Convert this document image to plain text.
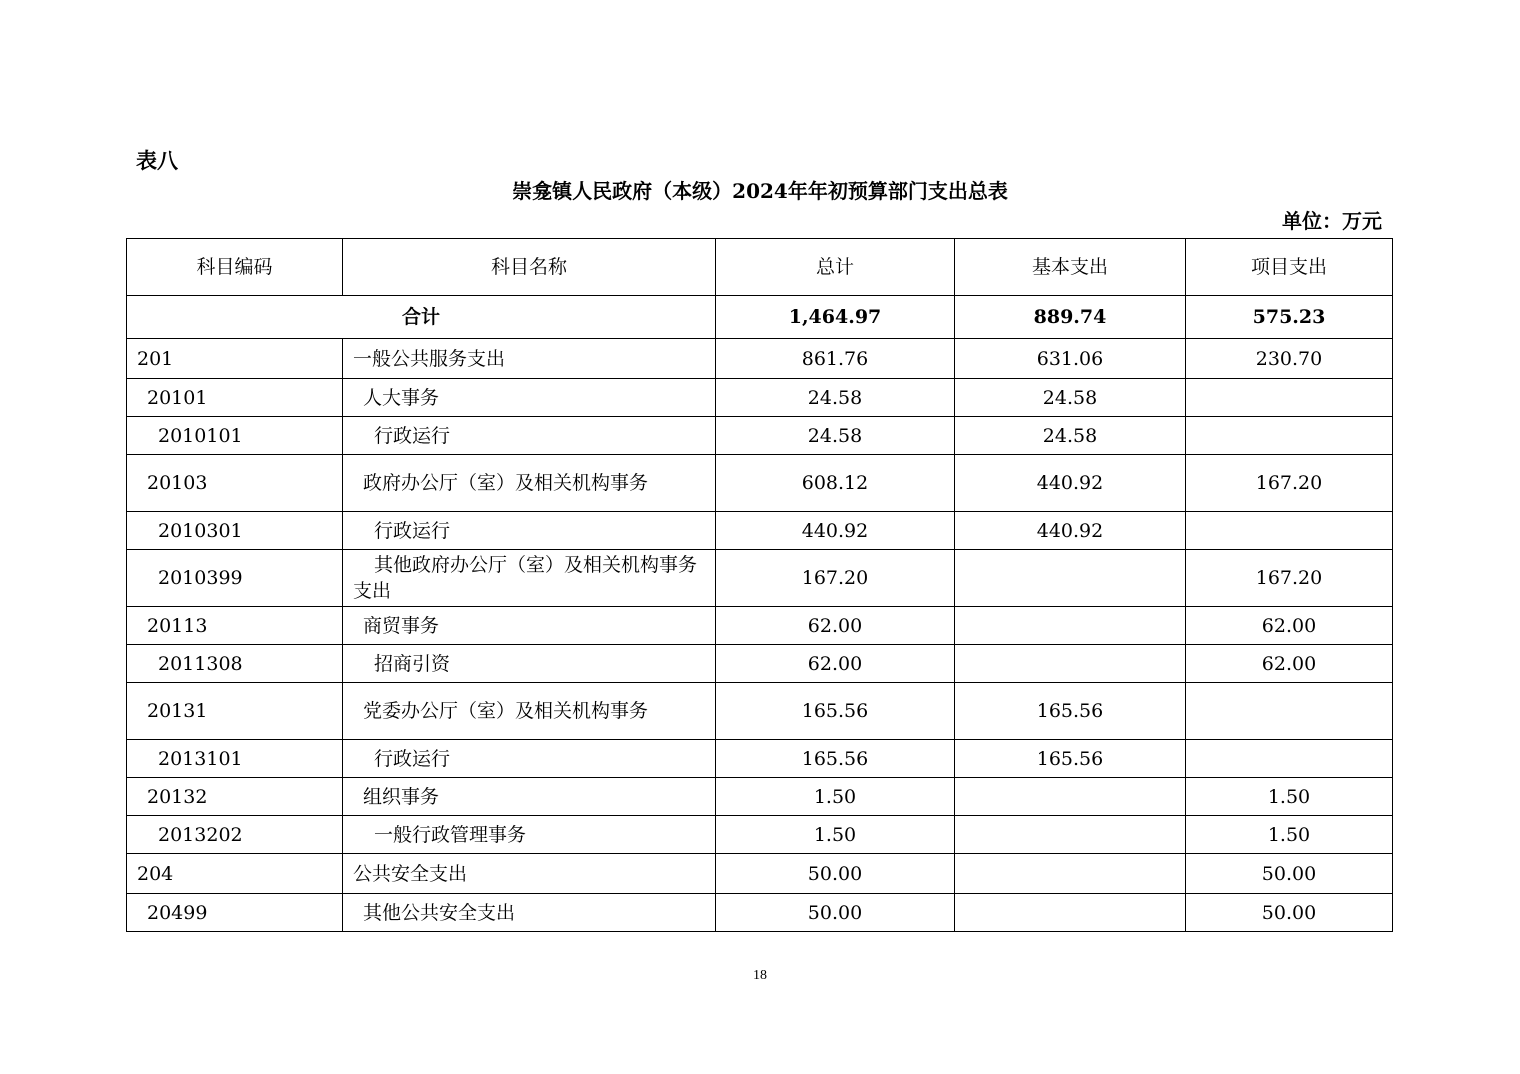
表八
崇龛镇人民政府（本级）2024年年初预算部门支出总表
单位：万元
科目编码	科目名称	总计	基本支出	项目支出
合计		1,464.97	889.74	575.23
201	一般公共服务支出	861.76	631.06	230.70
20101	人大事务	24.58	24.58	
2010101	行政运行	24.58	24.58	
20103	政府办公厅（室）及相关机构事务	608.12	440.92	167.20
2010301	行政运行	440.92	440.92	
2010399	其他政府办公厅（室）及相关机构事务支出	167.20		167.20
20113	商贸事务	62.00		62.00
2011308	招商引资	62.00		62.00
20131	党委办公厅（室）及相关机构事务	165.56	165.56	
2013101	行政运行	165.56	165.56	
20132	组织事务	1.50		1.50
2013202	一般行政管理事务	1.50		1.50
204	公共安全支出	50.00		50.00
20499	其他公共安全支出	50.00		50.00
18
